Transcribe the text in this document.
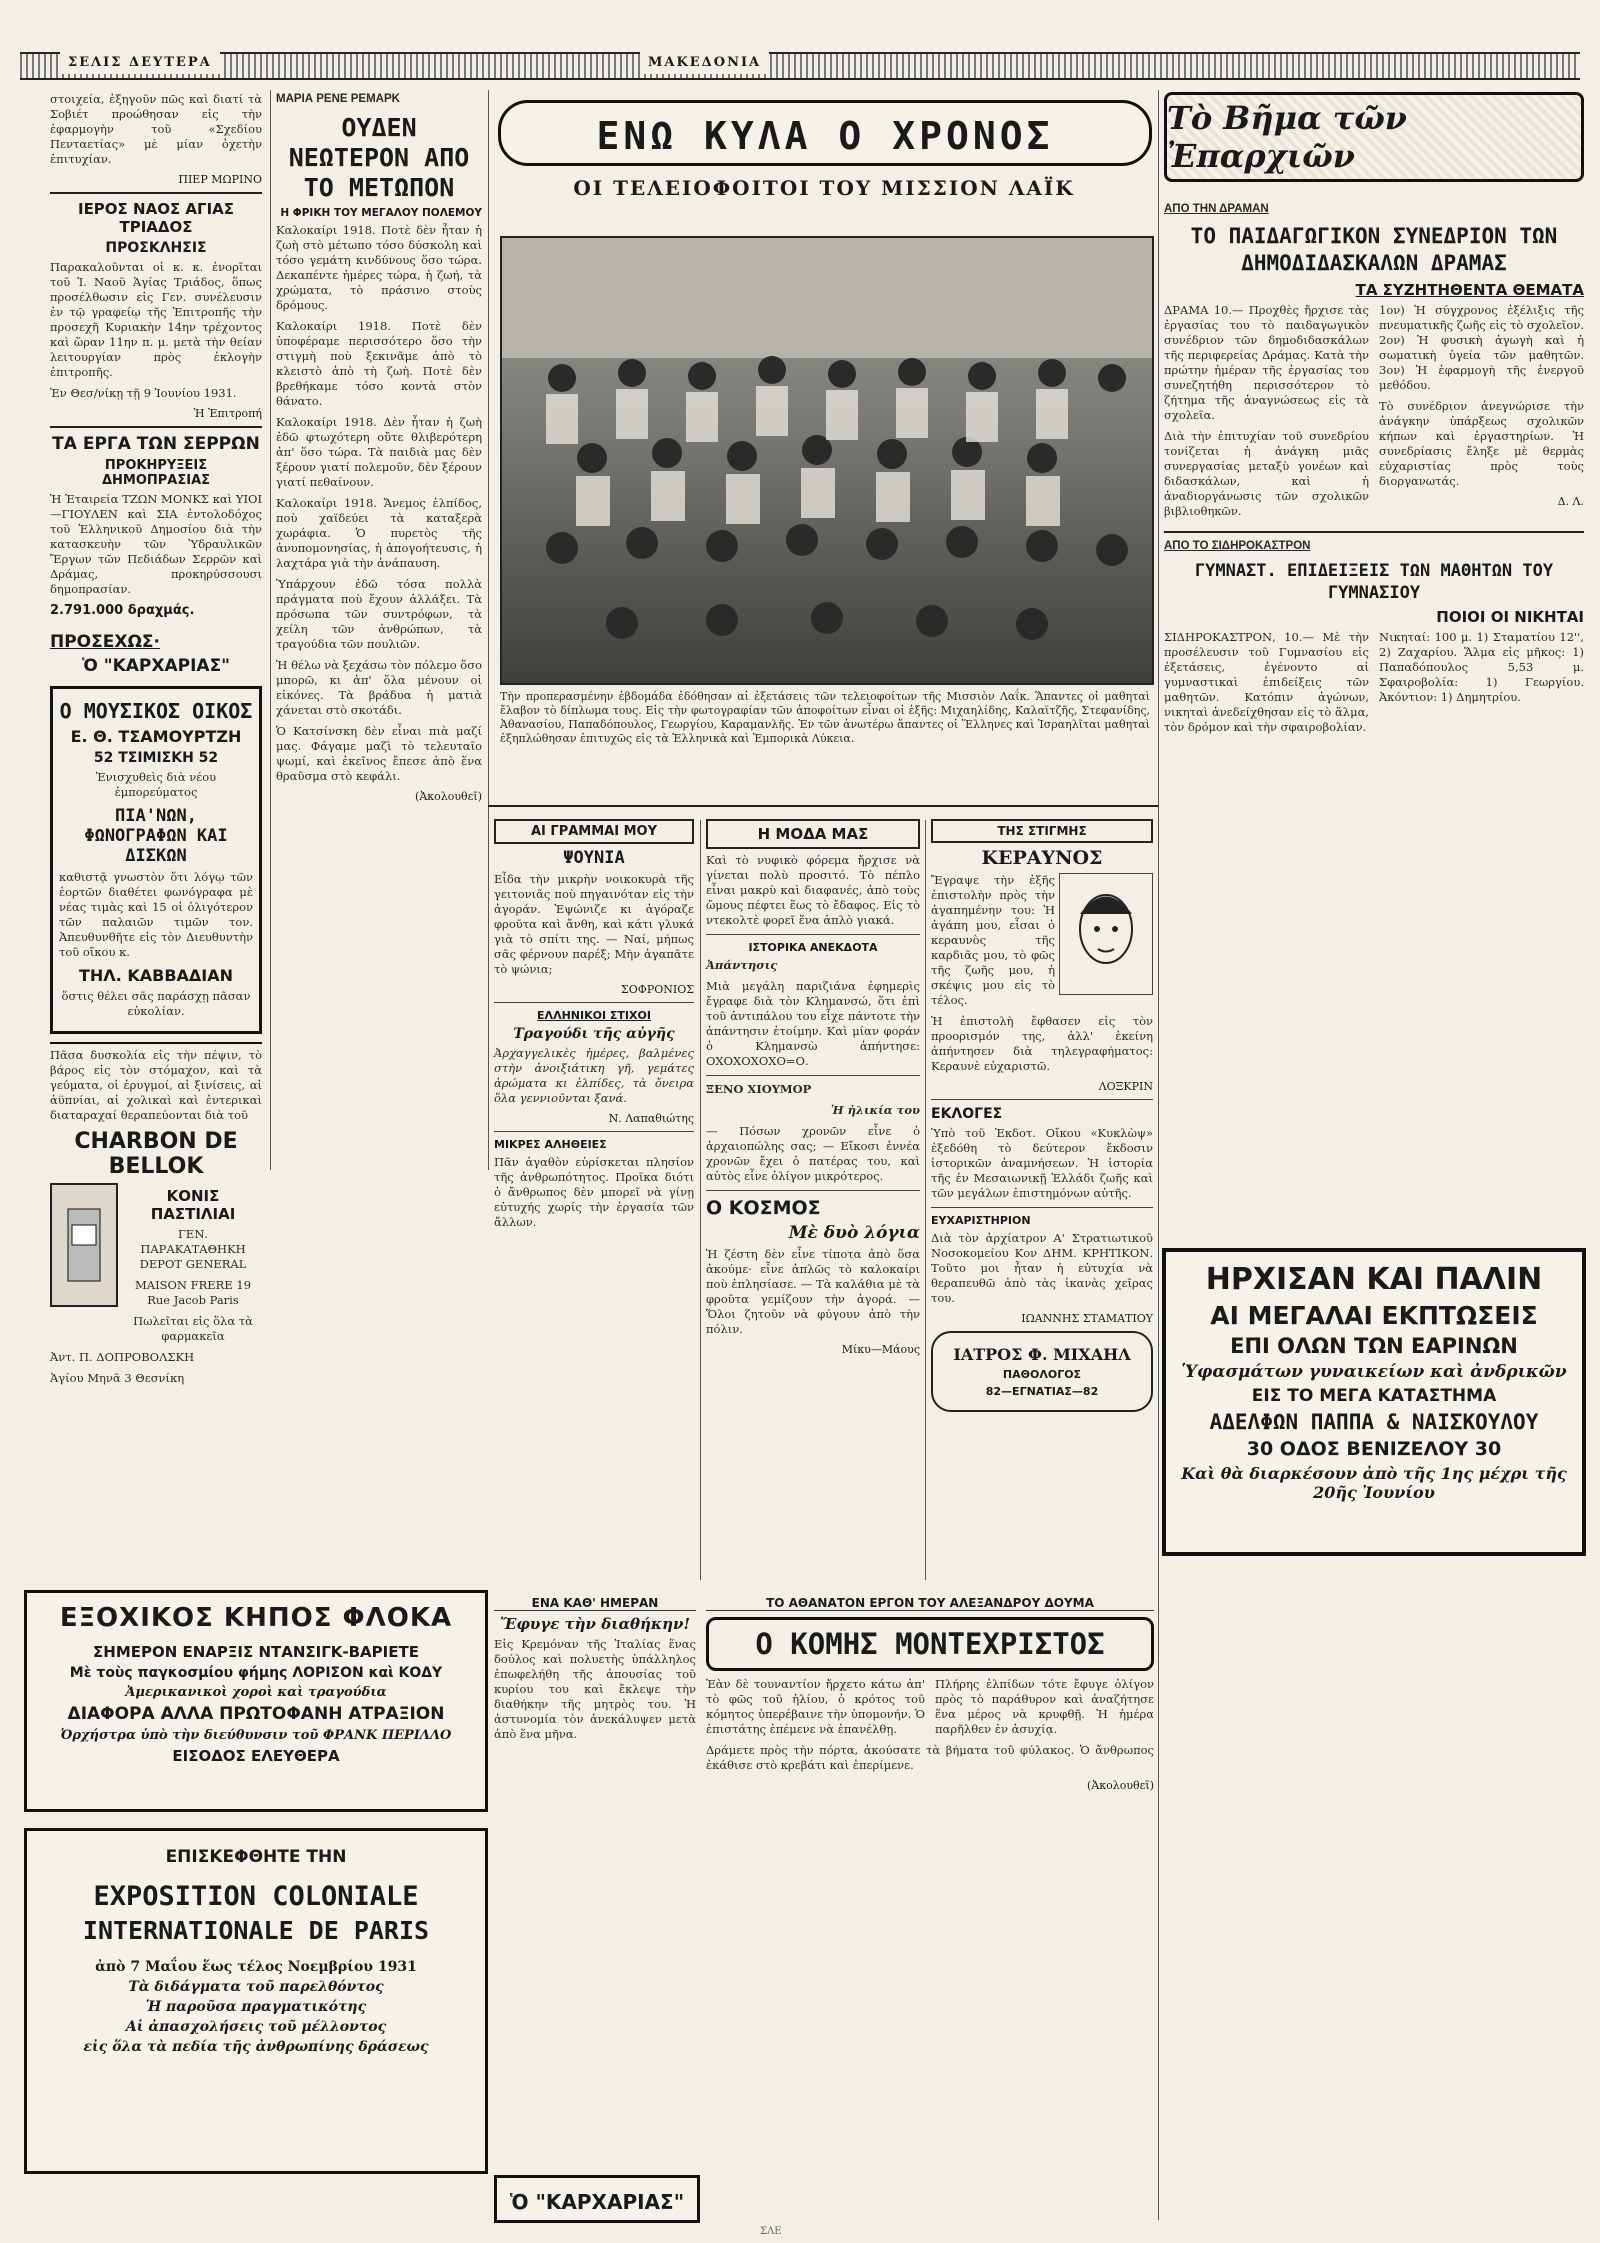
ΣΕΛΙΣ ΔΕΥΤΕΡΑ	ΜΑΚΕΔΟΝΙΑ

στοιχεία, ἐξηγοῦν πῶς καὶ διατί τὰ Σοβιέτ προώθησαν εἰς τὴν ἐφαρμογὴν τοῦ «Σχεδίου Πενταετίας» μὲ μίαν ὀχετὴν ἐπιτυχίαν.

ΠΙΕΡ ΜΩΡΙΝΟ
ΙΕΡΟΣ ΝΑΟΣ ΑΓΙΑΣ ΤΡΙΑΔΟΣ
ΠΡΟΣΚΛΗΣΙΣ

Παρακαλοῦνται οἱ κ. κ. ἐνορῖται τοῦ Ἱ. Ναοῦ Ἁγίας Τριάδος, ὅπως προσέλθωσιν εἰς Γεν. συνέλευσιν ἐν τῷ γραφείῳ τῆς Ἐπιτροπῆς τὴν προσεχῆ Κυριακὴν 14ην τρέχοντος καὶ ὥραν 11ην π. μ. μετὰ τὴν θείαν λειτουργίαν πρὸς ἐκλογὴν ἐπιτροπῆς.

Ἐν Θεσ/νίκῃ τῇ 9 Ἰουνίου 1931.
Ἡ Ἐπιτροπή
ΤΑ ΕΡΓΑ ΤΩΝ ΣΕΡΡΩΝ
ΠΡΟΚΗΡΥΞΕΙΣ ΔΗΜΟΠΡΑΣΙΑΣ

Ἡ Ἑταιρεία ΤΖΩΝ ΜΟΝΚΣ καὶ ΥΙΟΙ—ΓΙΟΥΛΕΝ καὶ ΣΙΑ ἐντολοδόχος τοῦ Ἑλληνικοῦ Δημοσίου διὰ τὴν κατασκευὴν τῶν Ὑδραυλικῶν Ἔργων τῶν Πεδιάδων Σερρῶν καὶ Δράμας, προκηρύσσουσι δημοπρασίαν.

2.791.000 δραχμάς.
ΠΡΟΣΕΧΩΣ·
Ὁ "ΚΑΡΧΑΡΙΑΣ"
Ο ΜΟΥΣΙΚΟΣ ΟΙΚΟΣ
Ε. Θ. ΤΣΑΜΟΥΡΤΖΗ
52 ΤΣΙΜΙΣΚΗ 52

Ἐνισχυθεὶς διὰ νέου ἐμπορεύματος

ΠΙΑ'ΝΩΝ, ΦΩΝΟΓΡΑΦΩΝ ΚΑΙ ΔΙΣΚΩΝ

καθιστᾷ γνωστὸν ὅτι λόγῳ τῶν ἑορτῶν διαθέτει φωνόγραφα μὲ νέας τιμὰς καὶ 15 οἱ ὀλιγότερον τῶν παλαιῶν τιμῶν τον. Ἀπευθυνθῆτε εἰς τὸν Διευθυντὴν τοῦ οἴκου κ.

ΤΗΛ. ΚΑΒΒΑΔΙΑΝ

ὅστις θέλει σᾶς παράσχῃ πᾶσαν εὐκολίαν.

Πᾶσα δυσκολία εἰς τὴν πέψιν, τὸ βάρος εἰς τὸν στόμαχον, καὶ τὰ γεύματα, οἱ ἐρυγμοί, αἱ ξινίσεις, αἱ ἀϋπνίαι, αἱ χολικαὶ καὶ ἐντερικαὶ διαταραχαί θεραπεύονται διὰ τοῦ

CHARBON DE BELLOK
ΚΟΝΙΣ ΠΑΣΤΙΛΙΑΙ

ΓΕΝ. ΠΑΡΑΚΑΤΑΘΗΚΗ DEPOT GENERAL

MAISON FRERE 19 Rue Jacob Paris

Πωλεῖται εἰς ὅλα τὰ φαρμακεῖα

Ἀντ. Π. ΔΟΠΡΟΒΟΛΣΚΗ
Ἁγίου Μηνᾶ 3 Θεσνίκη
ΜΑΡΙΑ ΡΕΝΕ ΡΕΜΑΡΚ
ΟΥΔΕΝ ΝΕΩΤΕΡΟΝ ΑΠΟ ΤΟ ΜΕΤΩΠΟΝ
Η ΦΡΙΚΗ ΤΟΥ ΜΕΓΑΛΟΥ ΠΟΛΕΜΟΥ

Καλοκαίρι 1918. Ποτὲ δὲν ἦταν ἡ ζωὴ στὸ μέτωπο τόσο δύσκολη καὶ τόσο γεμάτη κινδύνους ὅσο τώρα. Δεκαπέντε ἡμέρες τώρα, ἡ ζωή, τὰ χρώματα, τὸ πράσινο στοὺς δρόμους.

Καλοκαίρι 1918. Ποτὲ δὲν ὑποφέραμε περισσότερο ὅσο τὴν στιγμὴ ποὺ ξεκινᾶμε ἀπὸ τὸ κλειστὸ ἀπὸ τὴ ζωὴ. Ποτὲ δὲν βρεθήκαμε τόσο κοντὰ στὸν θάνατο.

Καλοκαίρι 1918. Δὲν ἦταν ἡ ζωὴ ἐδῶ φτωχότερη οὔτε θλιβερότερη ἀπ' ὅσο τώρα. Τὰ παιδιὰ μας δὲν ξέρουν γιατί πολεμοῦν, δὲν ξέρουν γιατί πεθαίνουν.

Καλοκαίρι 1918. Ἄνεμος ἐλπίδος, ποὺ χαϊδεύει τὰ καταξερὰ χωράφια. Ὁ πυρετὸς τῆς ἀνυπομονησίας, ἡ ἀπογοήτευσις, ἡ λαχτάρα γιὰ τὴν ἀνάπαυση.

Ὑπάρχουν ἐδῶ τόσα πολλὰ πράγματα ποὺ ἔχουν ἀλλάξει. Τὰ πρόσωπα τῶν συντρόφων, τὰ χείλη τῶν ἀνθρώπων, τὰ τραγούδια τῶν πουλιῶν.

Ἡ θέλω νὰ ξεχάσω τὸν πόλεμο ὅσο μπορῶ, κι ἀπ' ὅλα μένουν οἱ εἰκόνες. Τὰ βράδυα ἡ ματιὰ χάνεται στὸ σκοτάδι.

Ὁ Κατσίνσκη δὲν εἶναι πιὰ μαζί μας. Φάγαμε μαζὶ τὸ τελευταῖο ψωμί, καὶ ἐκεῖνος ἔπεσε ἀπὸ ἕνα θραῦσμα στὸ κεφάλι.

(Ἀκολουθεῖ)
ΕΝΩ ΚΥΛΑ Ο ΧΡΟΝΟΣ
ΟΙ ΤΕΛΕΙΟΦΟΙΤΟΙ ΤΟΥ ΜΙΣΣΙΟΝ ΛΑΪΚ

Τὴν προπερασμένην ἑβδομάδα ἐδόθησαν αἱ ἐξετάσεις τῶν τελειοφοίτων τῆς Μισσιὸν Λαΐκ. Ἅπαντες οἱ μαθηταὶ ἔλαβον τὸ δίπλωμα τους. Εἰς τὴν φωτογραφίαν τῶν ἀποφοίτων εἶναι οἱ ἑξῆς: Μιχαηλίδης, Καλαϊτζῆς, Στεφανίδης, Ἀθανασίου, Παπαδόπουλος, Γεωργίου, Καραμανλῆς. Ἐν τῶν ἀνωτέρω ἅπαντες οἱ Ἕλληνες καὶ Ἰσραηλῖται μαθηταὶ ἐξηπλώθησαν ἐπιτυχῶς εἰς τὰ Ἑλληνικὰ καὶ Ἐμπορικὰ Λύκεια.

ΑΙ ΓΡΑΜΜΑΙ ΜΟΥ
ΨΟΥΝΙΑ

Εἶδα τὴν μικρὴν νοικοκυρὰ τῆς γειτονιᾶς ποὺ πηγαινόταν εἰς τὴν ἀγοράν. Ἐψώνιζε κι ἀγόραζε φροῦτα καὶ ἄνθη, καὶ κάτι γλυκά γιὰ τὸ σπίτι της. — Ναί, μήπως σᾶς φέρνουν παρέξ; Μὴν ἀγαπᾶτε τὸ ψώνια;

ΣΟΦΡΟΝΙΟΣ
ΕΛΛΗΝΙΚΟΙ ΣΤΙΧΟΙ
Τραγούδι τῆς αὐγῆς

Ἀρχαγγελικὲς ἡμέρες, βαλμένες στὴν ἀνοιξιάτικη γῆ, γεμάτες ἀρώματα κι ἐλπίδες, τὰ ὄνειρα ὅλα γεννιοῦνται ξανά.

Ν. Λαπαθιώτης
ΜΙΚΡΕΣ ΑΛΗΘΕΙΕΣ

Πᾶν ἀγαθὸν εὑρίσκεται πλησίον τῆς ἀνθρωπότητος. Προῖκα διότι ὁ ἄνθρωπος δὲν μπορεῖ νὰ γίνῃ εὐτυχής χωρίς τὴν ἐργασία τῶν ἄλλων.

Η ΜΟΔΑ ΜΑΣ

Καὶ τὸ νυφικὸ φόρεμα ἤρχισε νὰ γίνεται πολὺ προσιτό. Τὸ πέπλο εἶναι μακρὺ καὶ διαφανές, ἀπὸ τοὺς ὤμους πέφτει ἕως τὸ ἔδαφος. Εἰς τὸ ντεκολτὲ φορεῖ ἕνα ἁπλὸ γιακά.

ΙΣΤΟΡΙΚΑ ΑΝΕΚΔΟΤΑ
Ἀπάντησις

Μιὰ μεγάλη παριζιάνα ἐφημερὶς ἔγραφε διὰ τὸν Κλημανσώ, ὅτι ἐπὶ τοῦ ἀντιπάλου του εἶχε πάντοτε τὴν ἀπάντησιν ἑτοίμην. Καὶ μίαν φοράν ὁ Κλημανσὼ ἀπήντησε: ΟΧΟΧΟΧΟΧΟ=Ο.

ΞΕΝΟ ΧΙΟΥΜΟΡ
Ἡ ἡλικία του

— Πόσων χρονῶν εἶνε ὁ ἀρχαιοπώλης σας; — Εἴκοσι ἐννέα χρονῶν ἔχει ὁ πατέρας του, καὶ αὐτὸς εἶνε ὀλίγον μικρότερος.

Ο ΚΟΣΜΟΣ
Μὲ δυὸ λόγια

Ἡ ζέστη δὲν εἶνε τίποτα ἀπὸ ὅσα ἀκούμε· εἶνε ἁπλῶς τὸ καλοκαίρι ποὺ ἐπλησίασε. — Τὰ καλάθια μὲ τὰ φροῦτα γεμίζουν τὴν ἀγορά. — Ὅλοι ζητοῦν νὰ φύγουν ἀπὸ τὴν πόλιν.

Μίκυ—Μάους
ΤΗΣ ΣΤΙΓΜΗΣ
ΚΕΡΑΥΝΟΣ

Ἔγραψε τὴν ἐξῆς ἐπιστολὴν πρὸς τὴν ἀγαπημένην του: Ἠ ἀγάπη μου, εἶσαι ὁ κεραυνὸς τῆς καρδιᾶς μου, τὸ φῶς τῆς ζωῆς μου, ἡ σκέψις μου εἰς τὸ τέλος.

Ἡ ἐπιστολὴ ἔφθασεν εἰς τὸν προορισμόν της, ἀλλ' ἐκείνη ἀπήντησεν διὰ τηλεγραφήματος: Κεραυνὲ εὐχαριστῶ.

ΛΟΞΚΡΙΝ
ΕΚΛΟΓΕΣ

Ὑπὸ τοῦ Ἐκδοτ. Οἴκου «Κυκλὼψ» ἐξεδόθη τὸ δεύτερον ἔκδοσιν ἱστορικῶν ἀναμνήσεων. Ἡ ἱστορία τῆς ἐν Μεσαιωνικῇ Ἑλλάδι ζωῆς καὶ τῶν μεγάλων ἐπιστημόνων αὐτῆς.

ΕΥΧΑΡΙΣΤΗΡΙΟΝ

Διὰ τὸν ἀρχίατρον Α' Στρατιωτικοῦ Νοσοκομείου Κον ΔΗΜ. ΚΡΗΤΙΚΟΝ. Τοῦτο μοι ἦταν ἡ εὐτυχία νὰ θεραπευθῶ ἀπὸ τὰς ἱκανὰς χεῖρας του.

ΙΩΑΝΝΗΣ ΣΤΑΜΑΤΙΟΥ
ΙΑΤΡΟΣ Φ. ΜΙΧΑΗΛ
ΠΑΘΟΛΟΓΟΣ
82—ΕΓΝΑΤΙΑΣ—82
Τὸ Βῆμα τῶν Ἐπαρχιῶν
ΑΠΟ ΤΗΝ ΔΡΑΜΑΝ
ΤΟ ΠΑΙΔΑΓΩΓΙΚΟΝ ΣΥΝΕΔΡΙΟΝ ΤΩΝ ΔΗΜΟΔΙΔΑΣΚΑΛΩΝ ΔΡΑΜΑΣ
ΤΑ ΣΥΖΗΤΗΘΕΝΤΑ ΘΕΜΑΤΑ

ΔΡΑΜΑ 10.— Προχθὲς ἤρχισε τὰς ἐργασίας του τὸ παιδαγωγικὸν συνέδριον τῶν δημοδιδασκάλων τῆς περιφερείας Δράμας. Κατὰ τὴν πρώτην ἡμέραν τῆς ἐργασίας του συνεζητήθη περισσότερον τὸ ζήτημα τῆς ἀναγνώσεως εἰς τὰ σχολεῖα.

Διὰ τὴν ἐπιτυχίαν τοῦ συνεδρίου τονίζεται ἡ ἀνάγκη μιᾶς συνεργασίας μεταξὺ γονέων καὶ διδασκάλων, καὶ ἡ ἀναδιοργάνωσις τῶν σχολικῶν βιβλιοθηκῶν.

1ον) Ἡ σύγχρονος ἐξέλιξις τῆς πνευματικῆς ζωῆς εἰς τὸ σχολεῖον. 2ον) Ἡ φυσικὴ ἀγωγὴ καὶ ἡ σωματικὴ ὑγεία τῶν μαθητῶν. 3ον) Ἡ ἐφαρμογὴ τῆς ἐνεργοῦ μεθόδου.

Τὸ συνέδριον ἀνεγνώρισε τὴν ἀνάγκην ὑπάρξεως σχολικῶν κήπων καὶ ἐργαστηρίων. Ἡ συνεδρίασις ἔληξε μὲ θερμὰς εὐχαριστίας πρὸς τοὺς διοργανωτάς.

Δ. Λ.
ΑΠΟ ΤΟ ΣΙΔΗΡΟΚΑΣΤΡΟΝ
ΓΥΜΝΑΣΤ. ΕΠΙΔΕΙΞΕΙΣ ΤΩΝ ΜΑΘΗΤΩΝ ΤΟΥ ΓΥΜΝΑΣΙΟΥ
ΠΟΙΟΙ ΟΙ ΝΙΚΗΤΑΙ

ΣΙΔΗΡΟΚΑΣΤΡΟΝ, 10.— Μὲ τὴν προσέλευσιν τοῦ Γυμνασίου εἰς ἐξετάσεις, ἐγένοντο αἱ γυμναστικαὶ ἐπιδείξεις τῶν μαθητῶν. Κατόπιν ἀγώνων, νικηταὶ ἀνεδείχθησαν εἰς τὸ ἅλμα, τὸν δρόμον καὶ τὴν σφαιροβολίαν.

Νικηταί: 100 μ. 1) Σταματίου 12'', 2) Ζαχαρίου. Ἅλμα εἰς μῆκος: 1) Παπαδόπουλος 5,53 μ. Σφαιροβολία: 1) Γεωργίου. Ἀκόντιον: 1) Δημητρίου.

ΗΡΧΙΣΑΝ ΚΑΙ ΠΑΛΙΝ
ΑΙ ΜΕΓΑΛΑΙ ΕΚΠΤΩΣΕΙΣ
ΕΠΙ ΟΛΩΝ ΤΩΝ ΕΑΡΙΝΩΝ
Ὑφασμάτων γυναικείων καὶ ἀνδρικῶν
ΕΙΣ ΤΟ ΜΕΓΑ ΚΑΤΑΣΤΗΜΑ
ΑΔΕΛΦΩΝ ΠΑΠΠΑ & ΝΑΙΣΚΟΥΛΟΥ
30 ΟΔΟΣ ΒΕΝΙΖΕΛΟΥ 30
Καὶ θὰ διαρκέσουν ἀπὸ τῆς 1ης μέχρι τῆς 20ῆς Ἰουνίου
ΕΞΟΧΙΚΟΣ ΚΗΠΟΣ ΦΛΟΚΑ
ΣΗΜΕΡΟΝ ΕΝΑΡΞΙΣ ΝΤΑΝΣΙΓΚ-ΒΑΡΙΕΤΕ
Μὲ τοὺς παγκοσμίου φήμης ΛΟΡΙΣΟΝ καὶ ΚΟΔΥ
Ἀμερικανικοὶ χοροὶ καὶ τραγούδια
ΔΙΑΦΟΡΑ ΑΛΛΑ ΠΡΩΤΟΦΑΝΗ ΑΤΡΑΞΙΟΝ
Ὀρχήστρα ὑπὸ τὴν διεύθυνσιν τοῦ ΦΡΑΝΚ ΠΕΡΙΛΛΟ
ΕΙΣΟΔΟΣ ΕΛΕΥΘΕΡΑ
ΕΠΙΣΚΕΦΘΗΤΕ ΤΗΝ
EXPOSITION COLONIALE
INTERNATIONALE DE PARIS
ἀπὸ 7 Μαΐου ἕως τέλος Νοεμβρίου 1931
Τὰ διδάγματα τοῦ παρελθόντος
Ἡ παροῦσα πραγματικότης
Αἱ ἀπασχολήσεις τοῦ μέλλοντος
εἰς ὅλα τὰ πεδία τῆς ἀνθρωπίνης δράσεως
ΕΝΑ ΚΑΘ' ΗΜΕΡΑΝ
Ἔφυγε τὴν διαθήκην!

Εἰς Κρεμόναν τῆς Ἰταλίας ἕνας δούλος καὶ πολυετὴς ὑπάλληλος ἐπωφελήθη τῆς ἀπουσίας τοῦ κυρίου του καὶ ἔκλεψε τὴν διαθήκην τῆς μητρὸς του. Ἡ ἀστυνομία τὸν ἀνεκάλυψεν μετὰ ἀπὸ ἕνα μῆνα.

Ὁ "ΚΑΡΧΑΡΙΑΣ"
ΤΟ ΑΘΑΝΑΤΟΝ ΕΡΓΟΝ ΤΟΥ ΑΛΕΞΑΝΔΡΟΥ ΔΟΥΜΑ
Ο ΚΟΜΗΣ ΜΟΝΤΕΧΡΙΣΤΟΣ

Ἐὰν δὲ τουναντίον ἤρχετο κάτω ἀπ' τὸ φῶς τοῦ ἡλίου, ὁ κρότος τοῦ κόμητος ὑπερέβαινε τὴν ὑπομονήν. Ὁ ἐπιστάτης ἐπέμενε νὰ ἐπανέλθῃ.

Πλήρης ἐλπίδων τότε ἔφυγε ὀλίγον πρὸς τὸ παράθυρον καὶ ἀναζήτησε ἕνα μέρος νὰ κρυφθῇ. Ἡ ἡμέρα παρῆλθεν ἐν ἀσυχίᾳ.

Δράμετε πρὸς τὴν πόρτα, ἀκούσατε τὰ βήματα τοῦ φύλακος. Ὁ ἄνθρωπος ἐκάθισε στὸ κρεβάτι καὶ ἐπερίμενε.

(Ἀκολουθεῖ)
ΣΛΕ
